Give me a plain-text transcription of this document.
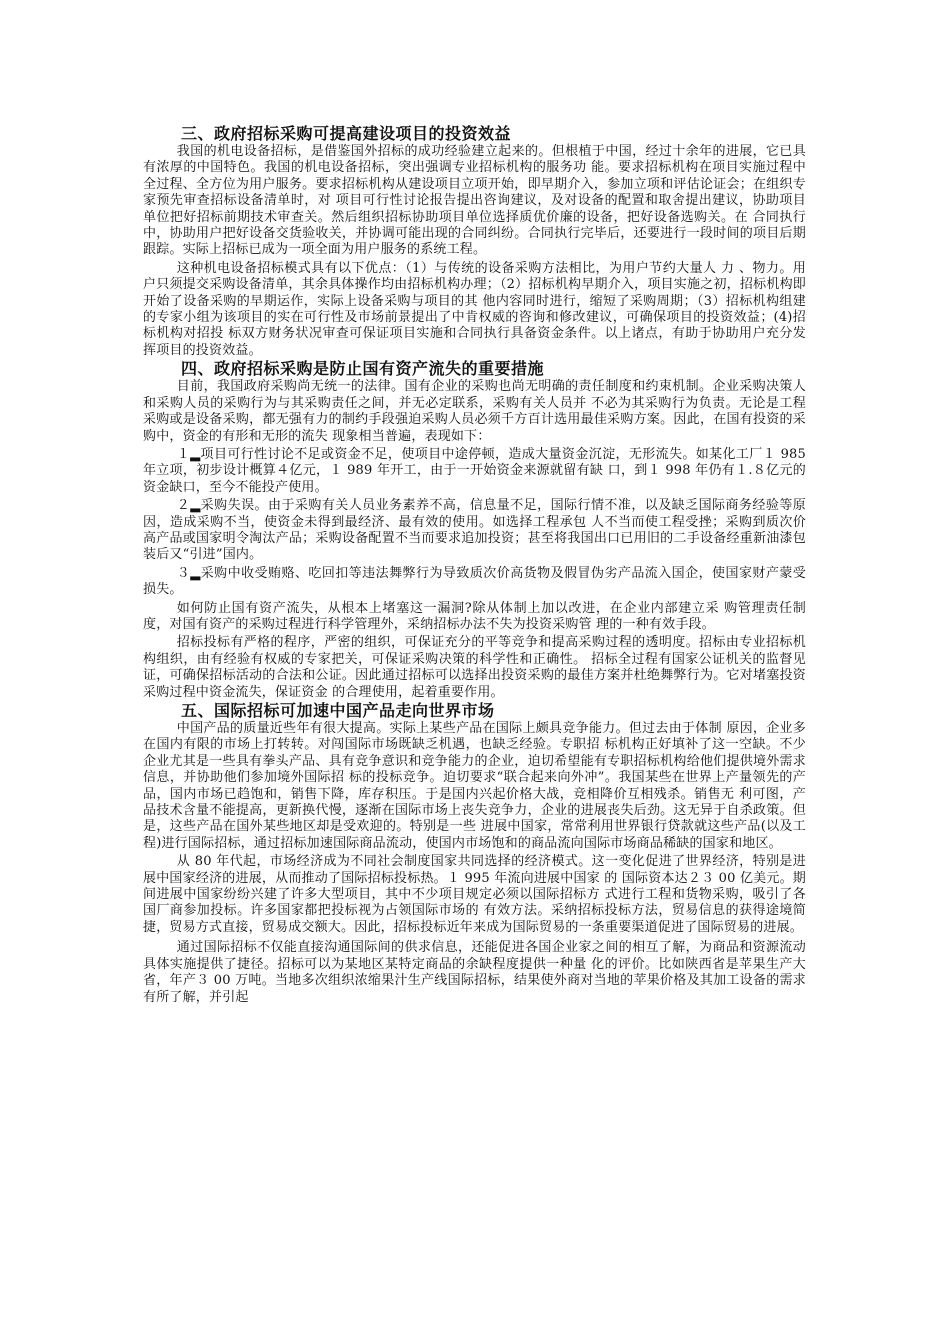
三、政府招标采购可提高建设项目的投资效益

我国的机电设备招标，是借鉴国外招标的成功经验建立起来的。但根植于中国，经过十余年的进展，它已具有浓厚的中国特色。我国的机电设备招标，突出强调专业招标机构的服务功 能。要求招标机构在项目实施过程中全过程、全方位为用户服务。要求招标机构从建设项目立项开始，即早期介入，参加立项和评估论证会；在组织专家预先审查招标设备清单时，对 项目可行性讨论报告提出咨询建议，及对设备的配置和取舍提出建议，协助项目单位把好招标前期技术审查关。然后组织招标协助项目单位选择质优价廉的设备，把好设备选购关。在 合同执行中，协助用户把好设备交货验收关，并协调可能出现的合同纠纷。合同执行完毕后，还要进行一段时间的项目后期跟踪。实际上招标已成为一项全面为用户服务的系统工程。

这种机电设备招标模式具有以下优点：（1）与传统的设备采购方法相比，为用户节约大量人 力 、物力。用户只须提交采购设备清单，其余具体操作均由招标机构办理；（2）招标机构早期介入，项目实施之初，招标机构即开始了设备采购的早期运作，实际上设备采购与项目的其 他内容同时进行，缩短了采购周期；（3）招标机构组建的专家小组为该项目的实在可行性及市场前景提出了中肯权威的咨询和修改建议，可确保项目的投资效益；(4)招标机构对招投 标双方财务状况审查可保证项目实施和合同执行具备资金条件。以上诸点，有助于协助用户充分发挥项目的投资效益。

四、政府招标采购是防止国有资产流失的重要措施

目前，我国政府采购尚无统一的法律。国有企业的采购也尚无明确的责任制度和约束机制。企业采购决策人和采购人员的采购行为与其采购责任之间，并无必定联系，采购有关人员并 不必为其采购行为负责。无论是工程采购或是设备采购，都无强有力的制约手段强迫采购人员必须千方百计选用最佳采购方案。因此，在国有投资的采购中，资金的有形和无形的流失 现象相当普遍，表现如下：

１▂项目可行性讨论不足或资金不足，使项目中途停顿，造成大量资金沉淀，无形流失。如某化工厂１ 985 年立项，初步设计概算４亿元，１ 989 年开工，由于一开始资金来源就留有缺 口，到１ 998 年仍有１.８亿元的资金缺口，至今不能投产使用。

２▂采购失误。由于采购有关人员业务素养不高，信息量不足，国际行情不准，以及缺乏国际商务经验等原因，造成采购不当，使资金未得到最经济、最有效的使用。如选择工程承包 人不当而使工程受挫；采购到质次价高产品或国家明令淘汰产品；采购设备配置不当而要求追加投资；甚至将我国出口已用旧的二手设备经重新油漆包装后又“引进”国内。

３▂采购中收受贿赂、吃回扣等违法舞弊行为导致质次价高货物及假冒伪劣产品流入国企，使国家财产蒙受损失。

如何防止国有资产流失，从根本上堵塞这一漏洞?除从体制上加以改进，在企业内部建立采 购管理责任制度，对国有资产的采购过程进行科学管理外，采纳招标办法不失为投资采购管 理的一种有效手段。

招标投标有严格的程序，严密的组织，可保证充分的平等竞争和提高采购过程的透明度。招标由专业招标机构组织，由有经验有权威的专家把关，可保证采购决策的科学性和正确性。 招标全过程有国家公证机关的监督见证，可确保招标活动的合法和公证。因此通过招标可以选择出投资采购的最佳方案并杜绝舞弊行为。它对堵塞投资采购过程中资金流失，保证资金 的合理使用，起着重要作用。

五、国际招标可加速中国产品走向世界市场

中国产品的质量近些年有很大提高。实际上某些产品在国际上颇具竞争能力。但过去由于体制 原因，企业多在国内有限的市场上打转转。对闯国际市场既缺乏机遇，也缺乏经验。专职招 标机构正好填补了这一空缺。不少企业尤其是一些具有拳头产品、具有竞争意识和竞争能力的企业，迫切希望能有专职招标机构给他们提供境外需求信息，并协助他们参加境外国际招 标的投标竞争。迫切要求“联合起来向外冲”。我国某些在世界上产量领先的产品，国内市场已趋饱和，销售下降，库存积压。于是国内兴起价格大战，竞相降价互相残杀。销售无 利可图，产品技术含量不能提高，更新换代慢，逐渐在国际市场上丧失竞争力，企业的进展丧失后劲。这无异于自杀政策。但是，这些产品在国外某些地区却是受欢迎的。特别是一些 进展中国家，常常利用世界银行贷款就这些产品(以及工程)进行国际招标，通过招标加速国际商品流动，使国内市场饱和的商品流向国际市场商品稀缺的国家和地区。

从 80 年代起，市场经济成为不同社会制度国家共同选择的经济模式。这一变化促进了世界经济，特别是进展中国家经济的进展，从而推动了国际招标投标热。１ 995 年流向进展中国家 的 国际资本达２３ 00 亿美元。期间进展中国家纷纷兴建了许多大型项目，其中不少项目规定必须以国际招标方 式进行工程和货物采购，吸引了各国厂商参加投标。许多国家都把投标视为占领国际市场的 有效方法。采纳招标投标方法，贸易信息的获得途境简捷，贸易方式直接，贸易成交额大。因此，招标投标近年来成为国际贸易的一条重要渠道促进了国际贸易的进展。

通过国际招标不仅能直接沟通国际间的供求信息，还能促进各国企业家之间的相互了解，为商品和资源流动具体实施提供了捷径。招标可以为某地区某特定商品的余缺程度提供一种量 化的评价。比如陕西省是苹果生产大省，年产３ 00 万吨。当地多次组织浓缩果汁生产线国际招标，结果使外商对当地的苹果价格及其加工设备的需求有所了解，并引起
